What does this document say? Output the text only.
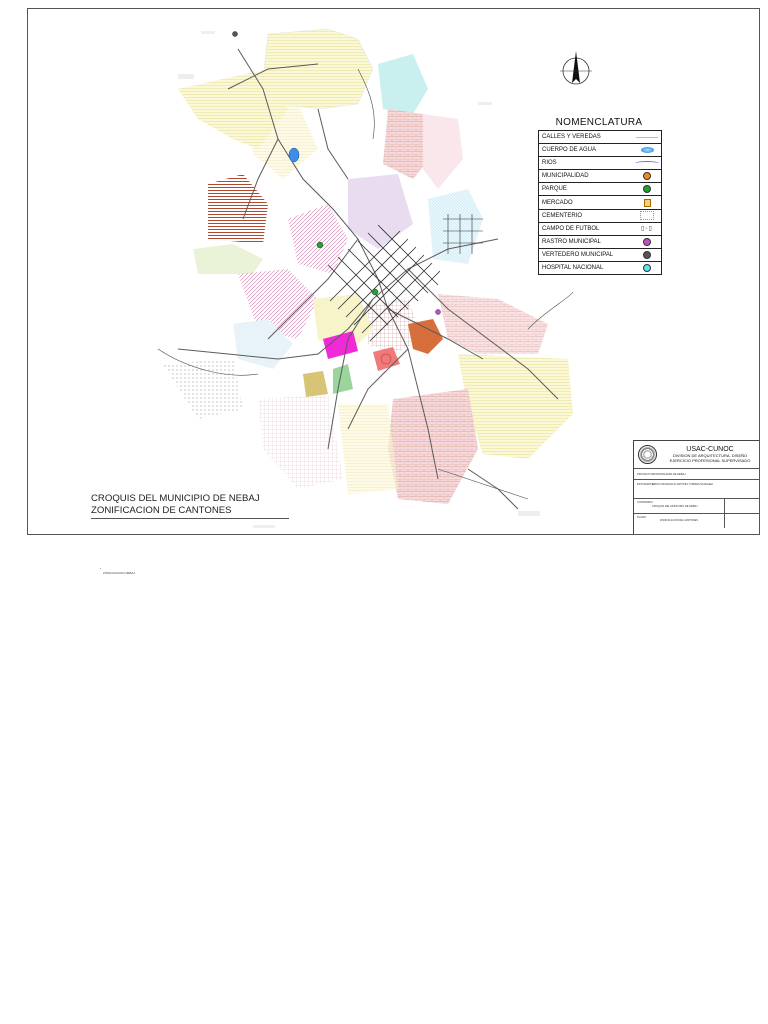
NOMENCLATURA
CALLES Y VEREDAS
CUERPO DE AGUA
RIOS
MUNICIPALIDAD
PARQUE
MERCADO
CEMENTERIO
CAMPO DE FUTBOL	▯◦▯
RASTRO MUNICIPAL
VERTEDERO MUNICIPAL
HOSPITAL NACIONAL
CROQUIS DEL MUNICIPIO DE NEBAJ
ZONIFICACION DE CANTONES
USAC-CUNOC
DIVISION DE ARQUITECTURA, DISEÑO
EJERCICIO PROFESIONAL SUPERVISADO
PROYECTO: MUNICIPALIDAD DE NEBAJ
ESTUDIANTE:
ERICK FRANCISCO ANTONIO TORRES SANCHEZ
CONTENIDO:
CROQUIS DEL MUNICIPIO DE NEBAJ
PLANO:
ZONIFICACION DE CANTONES
*
ZONIFICACION NEBAJ
